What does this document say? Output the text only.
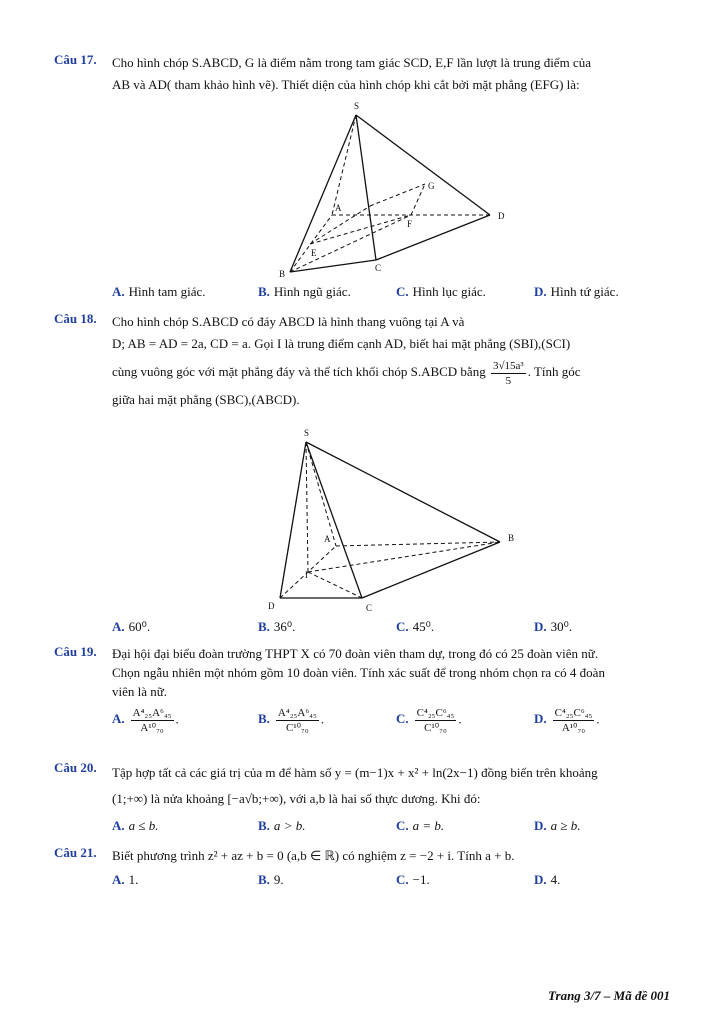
Câu 17. Cho hình chóp S.ABCD, G là điểm nằm trong tam giác SCD, E,F lần lượt là trung điểm của
AB và AD( tham khảo hình vẽ). Thiết diện của hình chóp khi cắt bởi mặt phẳng (EFG) là:
S
A
B
C
D
E
F
G
A. Hình tam giác.	B. Hình ngũ giác.	C. Hình lục giác.	D. Hình tứ giác.
Câu 18. Cho hình chóp S.ABCD có đáy ABCD là hình thang vuông tại A và
D; AB = AD = 2a, CD = a. Gọi I là trung điểm cạnh AD, biết hai mặt phẳng (SBI),(SCI)
cùng vuông góc với mặt phẳng đáy và thể tích khối chóp S.ABCD bằng $\frac{\text{3√15a³}}{5}$ . Tính góc
giữa hai mặt phẳng (SBC),(ABCD).
S
A	B
C
D
I
A. 60⁰.	B. 36⁰.	C. 45⁰.	D. 30⁰.
Câu 19. Đại hội đại biểu đoàn trường THPT X có 70 đoàn viên tham dự, trong đó có 25 đoàn viên nữ.
Chọn ngẫu nhiên một nhóm gồm 10 đoàn viên. Tính xác suất để trong nhóm chọn ra có 4 đoàn
viên là nữ.
A. $\frac{\text{A⁴₂₅A⁶₄₅}}{\text{A¹⁰₇₀}}$ .	B. $\frac{\text{A⁴₂₅A⁶₄₅}}{\text{C¹⁰₇₀}}$ .	C. $\frac{\text{C⁴₂₅C⁶₄₅}}{\text{C¹⁰₇₀}}$ .	D. $\frac{\text{C⁴₂₅C⁶₄₅}}{\text{A¹⁰₇₀}}$ .
Câu 20. Tập hợp tất cả các giá trị của m để hàm số y = (m−1)x + x² + ln(2x−1) đồng biến trên khoảng
(1;+∞) là nửa khoảng [−a√b;+∞), với a,b là hai số thực dương. Khi đó:
A. a ≤ b.	B. a > b.	C. a = b.	D. a ≥ b.
Câu 21. Biết phương trình z² + az + b = 0 (a,b ∈ ℝ) có nghiệm z = −2 + i. Tính a + b.
A. 1.	B. 9.	C. −1.	D. 4.
Trang 3/7 – Mã đề 001
